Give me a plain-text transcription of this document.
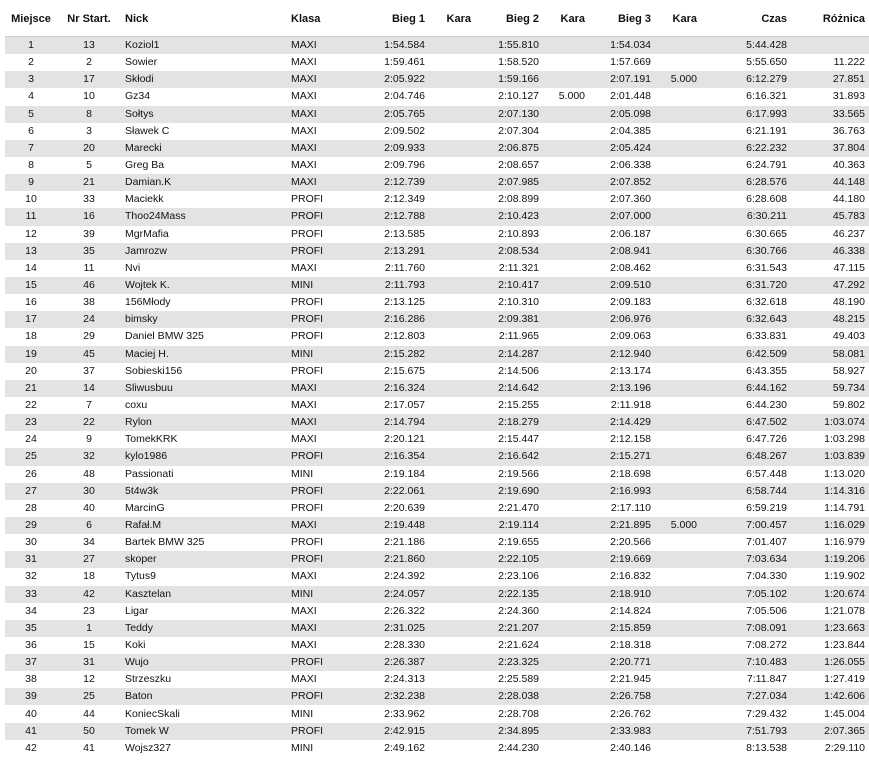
Miejsce	Nr Start.	Nick	Klasa	Bieg 1	Kara	Bieg 2	Kara	Bieg 3	Kara	Czas	Różnica

1	13	Koziol1	MAXI	1:54.584		1:55.810		1:54.034		5:44.428	
2	2	Sowier	MAXI	1:59.461		1:58.520		1:57.669		5:55.650	11.222
3	17	Skłodi	MAXI	2:05.922		1:59.166		2:07.191	5.000	6:12.279	27.851
4	10	Gz34	MAXI	2:04.746		2:10.127	5.000	2:01.448		6:16.321	31.893
5	8	Sołtys	MAXI	2:05.765		2:07.130		2:05.098		6:17.993	33.565
6	3	Sławek C	MAXI	2:09.502		2:07.304		2:04.385		6:21.191	36.763
7	20	Marecki	MAXI	2:09.933		2:06.875		2:05.424		6:22.232	37.804
8	5	Greg Ba	MAXI	2:09.796		2:08.657		2:06.338		6:24.791	40.363
9	21	Damian.K	MAXI	2:12.739		2:07.985		2:07.852		6:28.576	44.148
10	33	Maciekk	PROFI	2:12.349		2:08.899		2:07.360		6:28.608	44.180
11	16	Thoo24Mass	PROFI	2:12.788		2:10.423		2:07.000		6:30.211	45.783
12	39	MgrMafia	PROFI	2:13.585		2:10.893		2:06.187		6:30.665	46.237
13	35	Jamrozw	PROFI	2:13.291		2:08.534		2:08.941		6:30.766	46.338
14	11	Nvi	MAXI	2:11.760		2:11.321		2:08.462		6:31.543	47.115
15	46	Wojtek K.	MINI	2:11.793		2:10.417		2:09.510		6:31.720	47.292
16	38	156Młody	PROFI	2:13.125		2:10.310		2:09.183		6:32.618	48.190
17	24	bimsky	PROFI	2:16.286		2:09.381		2:06.976		6:32.643	48.215
18	29	Daniel BMW 325	PROFI	2:12.803		2:11.965		2:09.063		6:33.831	49.403
19	45	Maciej H.	MINI	2:15.282		2:14.287		2:12.940		6:42.509	58.081
20	37	Sobieski156	PROFI	2:15.675		2:14.506		2:13.174		6:43.355	58.927
21	14	Sliwusbuu	MAXI	2:16.324		2:14.642		2:13.196		6:44.162	59.734
22	7	coxu	MAXI	2:17.057		2:15.255		2:11.918		6:44.230	59.802
23	22	Rylon	MAXI	2:14.794		2:18.279		2:14.429		6:47.502	1:03.074
24	9	TomekKRK	MAXI	2:20.121		2:15.447		2:12.158		6:47.726	1:03.298
25	32	kylo1986	PROFI	2:16.354		2:16.642		2:15.271		6:48.267	1:03.839
26	48	Passionati	MINI	2:19.184		2:19.566		2:18.698		6:57.448	1:13.020
27	30	5t4w3k	PROFI	2:22.061		2:19.690		2:16.993		6:58.744	1:14.316
28	40	MarcinG	PROFI	2:20.639		2:21.470		2:17.110		6:59.219	1:14.791
29	6	Rafał.M	MAXI	2:19.448		2:19.114		2:21.895	5.000	7:00.457	1:16.029
30	34	Bartek BMW 325	PROFI	2:21.186		2:19.655		2:20.566		7:01.407	1:16.979
31	27	skoper	PROFI	2:21.860		2:22.105		2:19.669		7:03.634	1:19.206
32	18	Tytus9	MAXI	2:24.392		2:23.106		2:16.832		7:04.330	1:19.902
33	42	Kasztelan	MINI	2:24.057		2:22.135		2:18.910		7:05.102	1:20.674
34	23	Ligar	MAXI	2:26.322		2:24.360		2:14.824		7:05.506	1:21.078
35	1	Teddy	MAXI	2:31.025		2:21.207		2:15.859		7:08.091	1:23.663
36	15	Koki	MAXI	2:28.330		2:21.624		2:18.318		7:08.272	1:23.844
37	31	Wujo	PROFI	2:26.387		2:23.325		2:20.771		7:10.483	1:26.055
38	12	Strzeszku	MAXI	2:24.313		2:25.589		2:21.945		7:11.847	1:27.419
39	25	Baton	PROFI	2:32.238		2:28.038		2:26.758		7:27.034	1:42.606
40	44	KoniecSkali	MINI	2:33.962		2:28.708		2:26.762		7:29.432	1:45.004
41	50	Tomek W	PROFI	2:42.915		2:34.895		2:33.983		7:51.793	2:07.365
42	41	Wojsz327	MINI	2:49.162		2:44.230		2:40.146		8:13.538	2:29.110
